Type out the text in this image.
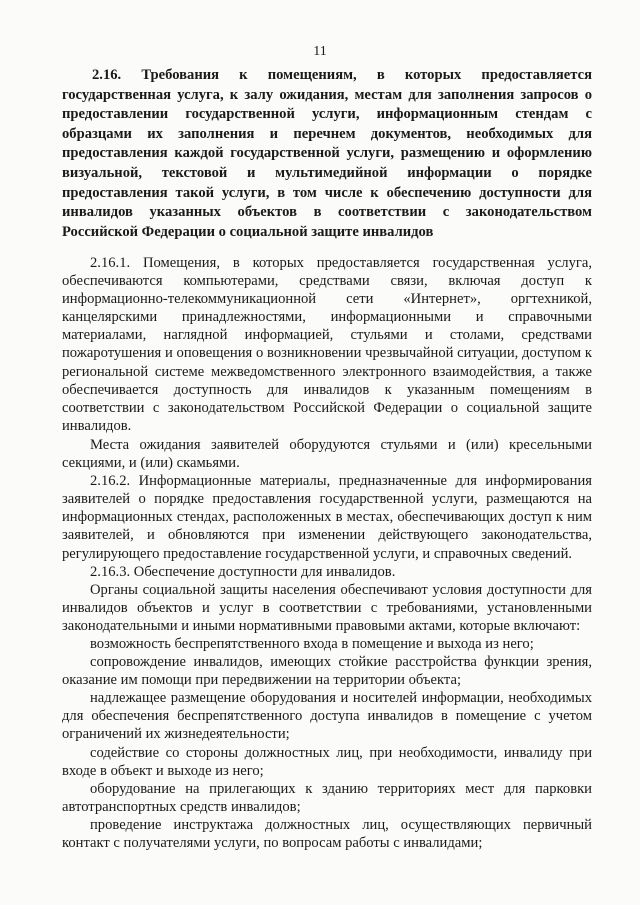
11
2.16. Требования к помещениям, в которых предоставляется государственная услуга, к залу ожидания, местам для заполнения запросов о предоставлении государственной услуги, информационным стендам с образцами их заполнения и перечнем документов, необходимых для предоставления каждой государственной услуги, размещению и оформлению визуальной, текстовой и мультимедийной информации о порядке предоставления такой услуги, в том числе к обеспечению доступности для инвалидов указанных объектов в соответствии с законодательством Российской Федерации о социальной защите инвалидов

2.16.1. Помещения, в которых предоставляется государственная услуга, обеспечиваются компьютерами, средствами связи, включая доступ к информационно-телекоммуникационной сети «Интернет», оргтехникой, канцелярскими принадлежностями, информационными и справочными материалами, наглядной информацией, стульями и столами, средствами пожаротушения и оповещения о возникновении чрезвычайной ситуации, доступом к региональной системе межведомственного электронного взаимодействия, а также обеспечивается доступность для инвалидов к указанным помещениям в соответствии с законодательством Российской Федерации о социальной защите инвалидов.

Места ожидания заявителей оборудуются стульями и (или) кресельными секциями, и (или) скамьями.

2.16.2. Информационные материалы, предназначенные для информирования заявителей о порядке предоставления государственной услуги, размещаются на информационных стендах, расположенных в местах, обеспечивающих доступ к ним заявителей, и обновляются при изменении действующего законодательства, регулирующего предоставление государственной услуги, и справочных сведений.

2.16.3. Обеспечение доступности для инвалидов.

Органы социальной защиты населения обеспечивают условия доступности для инвалидов объектов и услуг в соответствии с требованиями, установленными законодательными и иными нормативными правовыми актами, которые включают:

возможность беспрепятственного входа в помещение и выхода из него;

сопровождение инвалидов, имеющих стойкие расстройства функции зрения, оказание им помощи при передвижении на территории объекта;

надлежащее размещение оборудования и носителей информации, необходимых для обеспечения беспрепятственного доступа инвалидов в помещение с учетом ограничений их жизнедеятельности;

содействие со стороны должностных лиц, при необходимости, инвалиду при входе в объект и выходе из него;

оборудование на прилегающих к зданию территориях мест для парковки автотранспортных средств инвалидов;

проведение инструктажа должностных лиц, осуществляющих первичный контакт с получателями услуги, по вопросам работы с инвалидами;
